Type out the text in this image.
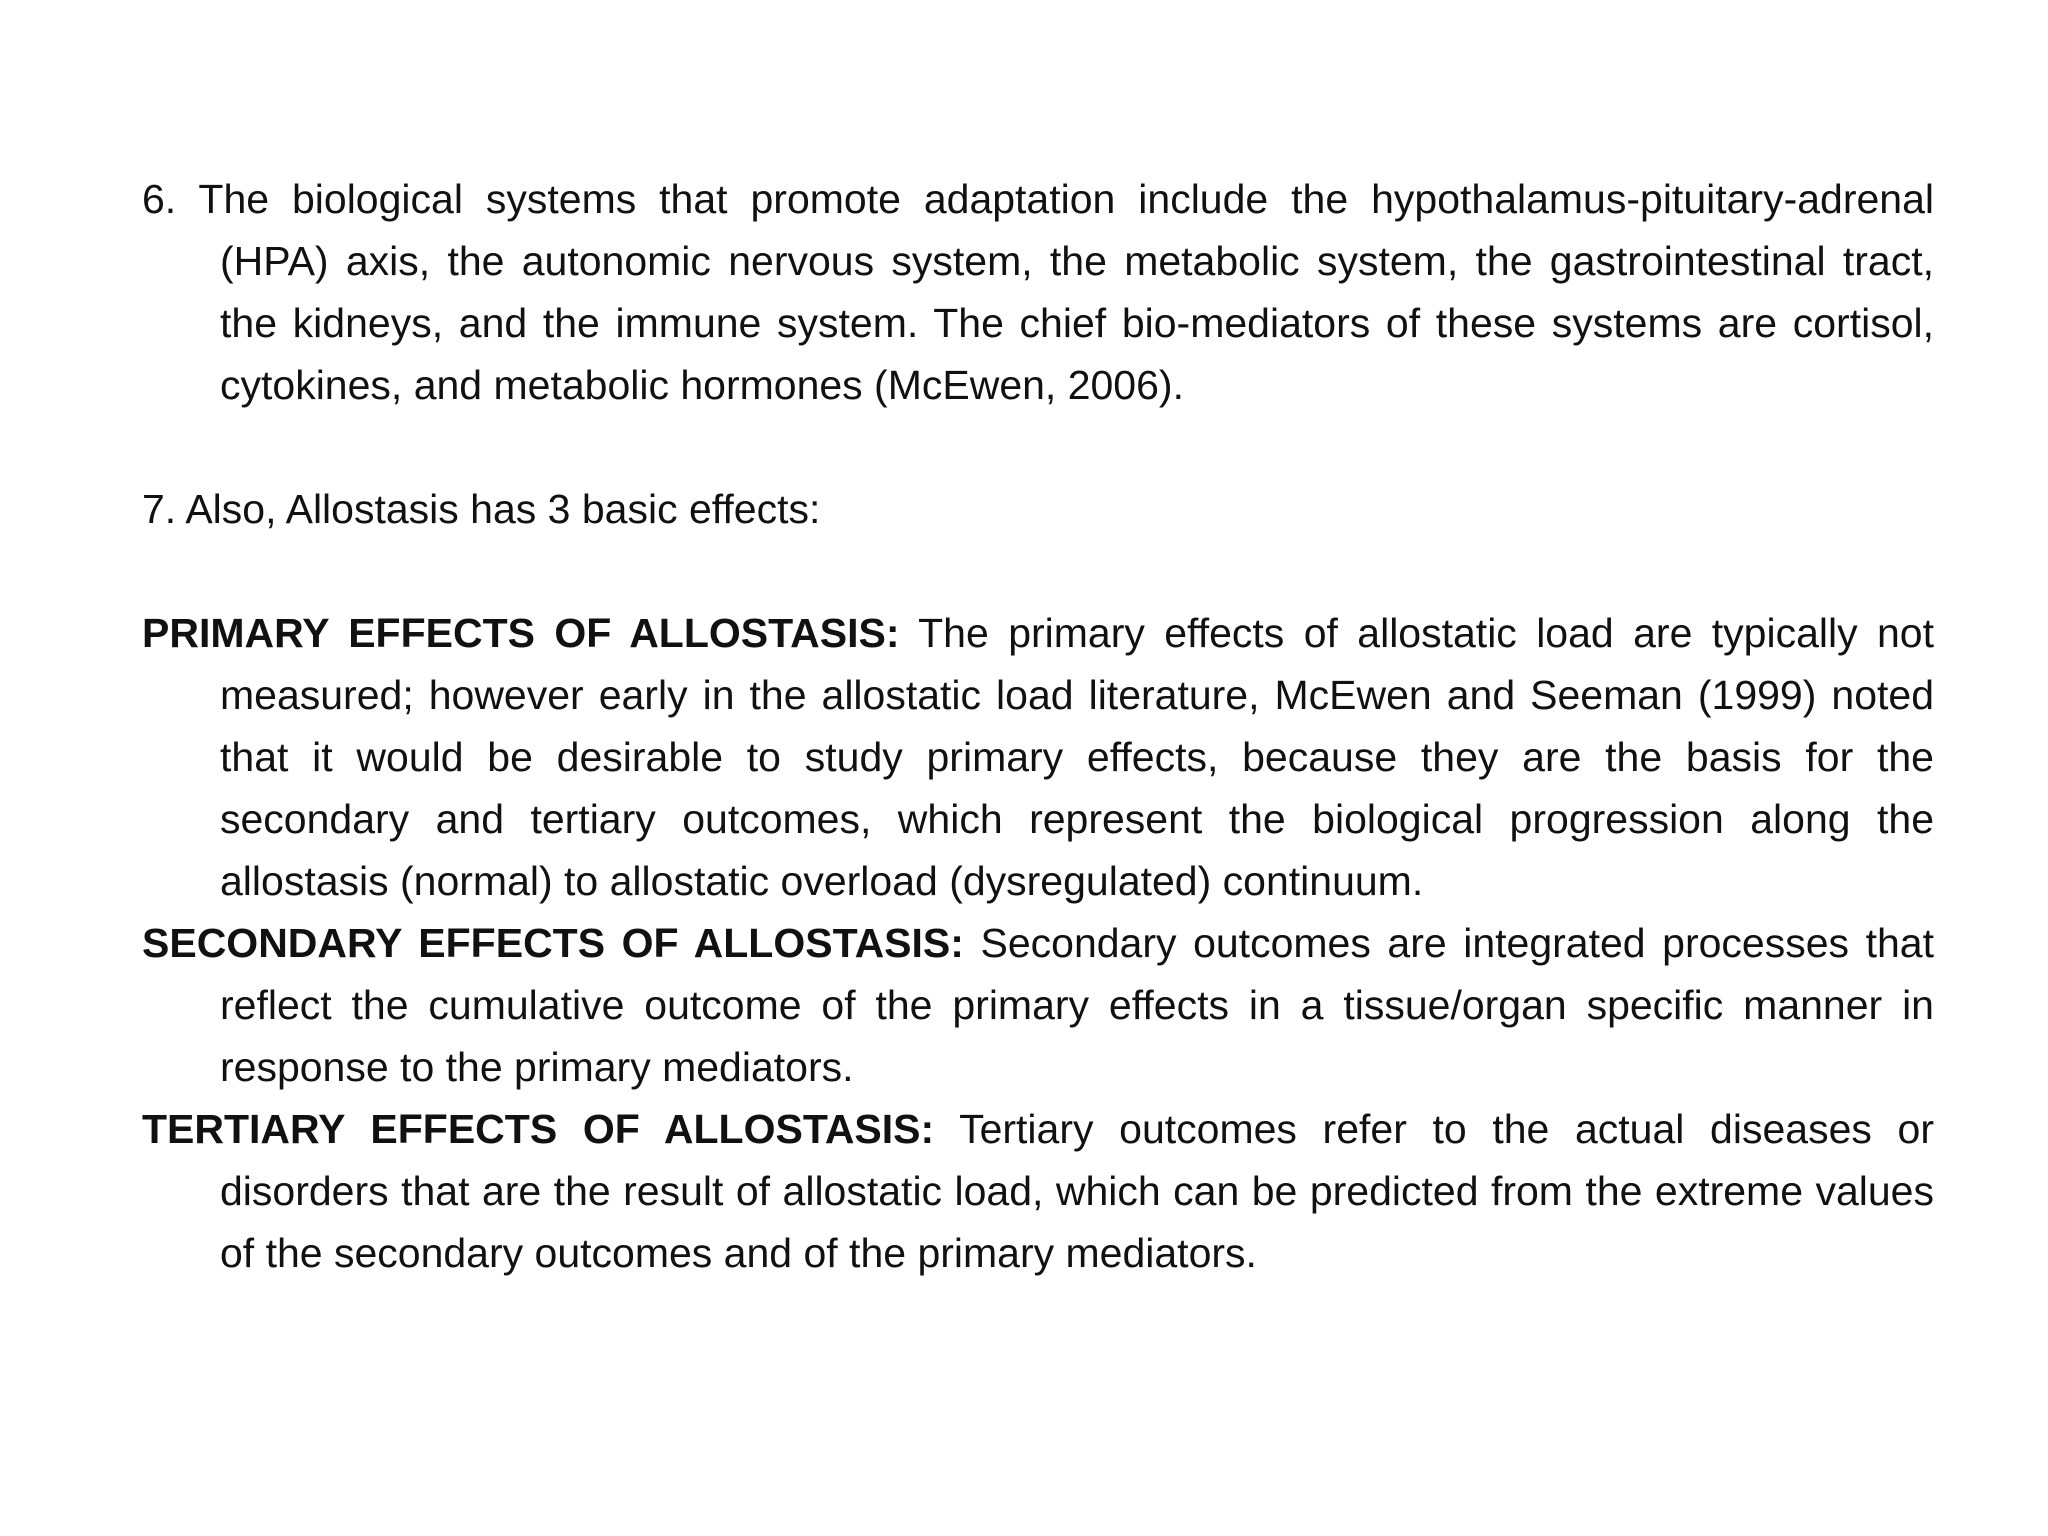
6. The biological systems that promote adaptation include the hypothalamus-pituitary-adrenal (HPA) axis, the autonomic nervous system, the metabolic system, the gastrointestinal tract, the kidneys, and the immune system. The chief bio-mediators of these systems are cortisol, cytokines, and metabolic hormones (McEwen, 2006).

7. Also, Allostasis has 3 basic effects:

PRIMARY EFFECTS OF ALLOSTASIS: The primary effects of allostatic load are typically not measured; however early in the allostatic load literature, McEwen and Seeman (1999) noted that it would be desirable to study primary effects, because they are the basis for the secondary and tertiary outcomes, which represent the biological progression along the allostasis (normal) to allostatic overload (dysregulated) continuum.

SECONDARY EFFECTS OF ALLOSTASIS: Secondary outcomes are integrated processes that reflect the cumulative outcome of the primary effects in a tissue/organ specific manner in response to the primary mediators.

TERTIARY EFFECTS OF ALLOSTASIS: Tertiary outcomes refer to the actual diseases or disorders that are the result of allostatic load, which can be predicted from the extreme values of the secondary outcomes and of the primary mediators.
